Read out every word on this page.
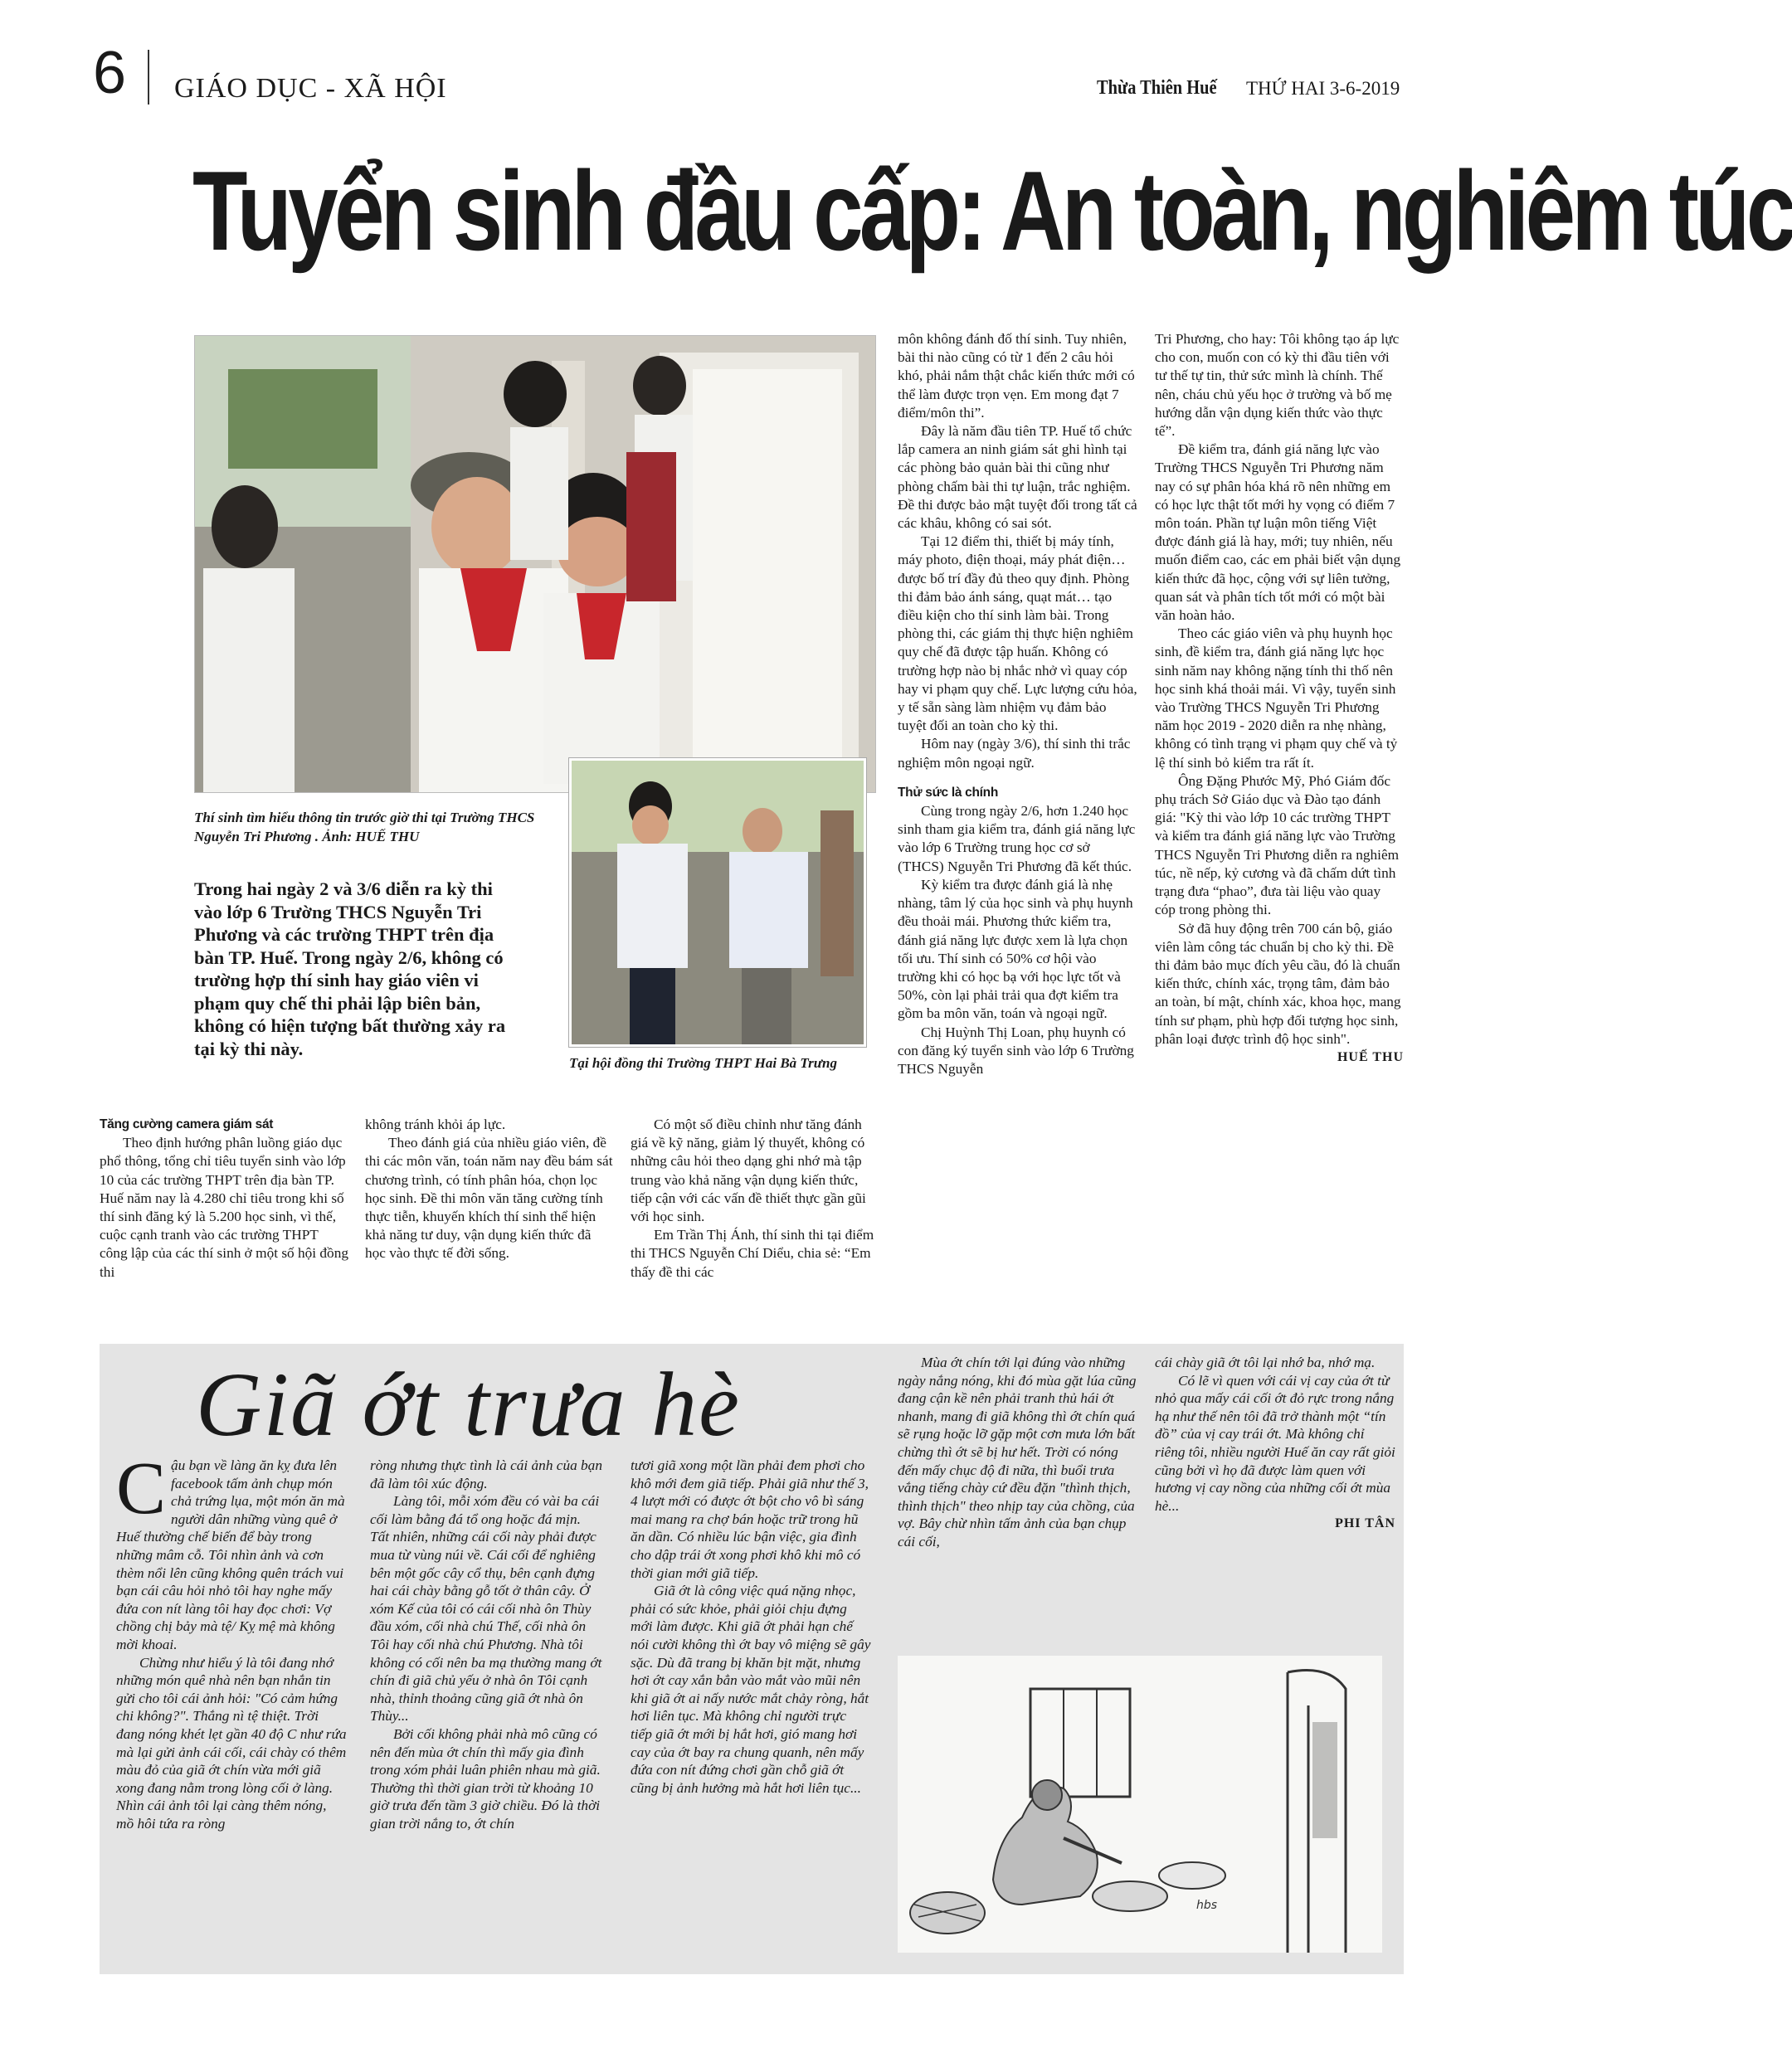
6 GIÁO DỤC - XÃ HỘI	Thừa Thiên Huế THỨ HAI 3-6-2019
Tuyển sinh đầu cấp: An toàn, nghiêm túc
Thí sinh tìm hiểu thông tin trước giờ thi tại Trường THCS Nguyễn Tri Phương . Ảnh: HUẾ THU
Tại hội đồng thi Trường THPT Hai Bà Trưng
Trong hai ngày 2 và 3/6 diễn ra kỳ thi vào lớp 6 Trường THCS Nguyễn Tri Phương và các trường THPT trên địa bàn TP. Huế. Trong ngày 2/6, không có trường hợp thí sinh hay giáo viên vi phạm quy chế thi phải lập biên bản, không có hiện tượng bất thường xảy ra tại kỳ thi này.

Tăng cường camera giám sát

Theo định hướng phân luồng giáo dục phổ thông, tổng chỉ tiêu tuyển sinh vào lớp 10 của các trường THPT trên địa bàn TP. Huế năm nay là 4.280 chỉ tiêu trong khi số thí sinh đăng ký là 5.200 học sinh, vì thế, cuộc cạnh tranh vào các trường THPT công lập của các thí sinh ở một số hội đồng thi

không tránh khỏi áp lực.

Theo đánh giá của nhiều giáo viên, đề thi các môn văn, toán năm nay đều bám sát chương trình, có tính phân hóa, chọn lọc học sinh. Đề thi môn văn tăng cường tính thực tiễn, khuyến khích thí sinh thể hiện khả năng tư duy, vận dụng kiến thức đã học vào thực tế đời sống.

Có một số điều chỉnh như tăng đánh giá về kỹ năng, giảm lý thuyết, không có những câu hỏi theo dạng ghi nhớ mà tập trung vào khả năng vận dụng kiến thức, tiếp cận với các vấn đề thiết thực gần gũi với học sinh.

Em Trần Thị Ánh, thí sinh thi tại điểm thi THCS Nguyễn Chí Diểu, chia sẻ: “Em thấy đề thi các

môn không đánh đố thí sinh. Tuy nhiên, bài thi nào cũng có từ 1 đến 2 câu hỏi khó, phải nắm thật chắc kiến thức mới có thể làm được trọn vẹn. Em mong đạt 7 điểm/môn thi”.

Đây là năm đầu tiên TP. Huế tổ chức lắp camera an ninh giám sát ghi hình tại các phòng bảo quản bài thi cũng như phòng chấm bài thi tự luận, trắc nghiệm. Đề thi được bảo mật tuyệt đối trong tất cả các khâu, không có sai sót.

Tại 12 điểm thi, thiết bị máy tính, máy photo, điện thoại, máy phát điện… được bố trí đầy đủ theo quy định. Phòng thi đảm bảo ánh sáng, quạt mát… tạo điều kiện cho thí sinh làm bài. Trong phòng thi, các giám thị thực hiện nghiêm quy chế đã được tập huấn. Không có trường hợp nào bị nhắc nhở vì quay cóp hay vi phạm quy chế. Lực lượng cứu hỏa, y tế sẵn sàng làm nhiệm vụ đảm bảo tuyệt đối an toàn cho kỳ thi.

Hôm nay (ngày 3/6), thí sinh thi trắc nghiệm môn ngoại ngữ.

Thử sức là chính

Cùng trong ngày 2/6, hơn 1.240 học sinh tham gia kiểm tra, đánh giá năng lực vào lớp 6 Trường trung học cơ sở (THCS) Nguyễn Tri Phương đã kết thúc.

Kỳ kiểm tra được đánh giá là nhẹ nhàng, tâm lý của học sinh và phụ huynh đều thoải mái. Phương thức kiểm tra, đánh giá năng lực được xem là lựa chọn tối ưu. Thí sinh có 50% cơ hội vào trường khi có học bạ với học lực tốt và 50%, còn lại phải trải qua đợt kiểm tra gồm ba môn văn, toán và ngoại ngữ.

Chị Huỳnh Thị Loan, phụ huynh có con đăng ký tuyển sinh vào lớp 6 Trường THCS Nguyễn

Tri Phương, cho hay: Tôi không tạo áp lực cho con, muốn con có kỳ thi đầu tiên với tư thế tự tin, thử sức mình là chính. Thế nên, cháu chủ yếu học ở trường và bố mẹ hướng dẫn vận dụng kiến thức vào thực tế”.

Đề kiểm tra, đánh giá năng lực vào Trường THCS Nguyễn Tri Phương năm nay có sự phân hóa khá rõ nên những em có học lực thật tốt mới hy vọng có điểm 7 môn toán. Phần tự luận môn tiếng Việt được đánh giá là hay, mới; tuy nhiên, nếu muốn điểm cao, các em phải biết vận dụng kiến thức đã học, cộng với sự liên tưởng, quan sát và phân tích tốt mới có một bài văn hoàn hảo.

Theo các giáo viên và phụ huynh học sinh, đề kiểm tra, đánh giá năng lực học sinh năm nay không nặng tính thi thố nên học sinh khá thoải mái. Vì vậy, tuyển sinh vào Trường THCS Nguyễn Tri Phương năm học 2019 - 2020 diễn ra nhẹ nhàng, không có tình trạng vi phạm quy chế và tỷ lệ thí sinh bỏ kiểm tra rất ít.

Ông Đặng Phước Mỹ, Phó Giám đốc phụ trách Sở Giáo dục và Đào tạo đánh giá: "Kỳ thi vào lớp 10 các trường THPT và kiểm tra đánh giá năng lực vào Trường THCS Nguyễn Tri Phương diễn ra nghiêm túc, nề nếp, kỷ cương và đã chấm dứt tình trạng đưa “phao”, đưa tài liệu vào quay cóp trong phòng thi.

Sở đã huy động trên 700 cán bộ, giáo viên làm công tác chuẩn bị cho kỳ thi. Đề thi đảm bảo mục đích yêu cầu, đó là chuẩn kiến thức, chính xác, trọng tâm, đảm bảo an toàn, bí mật, chính xác, khoa học, mang tính sư phạm, phù hợp đối tượng học sinh, phân loại được trình độ học sinh".

HUẾ THU
Giã ớt trưa hè

Cậu bạn về làng ăn kỵ đưa lên facebook tấm ảnh chụp món chả trứng lụa, một món ăn mà người dân những vùng quê ở Huế thường chế biến để bày trong những mâm cỗ. Tôi nhìn ảnh và cơn thèm nổi lên cũng không quên trách vui bạn cái câu hỏi nhỏ tôi hay nghe mấy đứa con nít làng tôi hay đọc chơi: Vợ chồng chị bảy mà tệ/ Kỵ mệ mà không mời khoai.

Chừng như hiểu ý là tôi đang nhớ những món quê nhà nên bạn nhắn tin gửi cho tôi cái ảnh hỏi: "Có cảm hứng chi không?". Thắng nì tệ thiệt. Trời đang nóng khét lẹt gần 40 độ C như rứa mà lại gửi ảnh cái cối, cái chày có thêm màu đỏ của giã ớt chín vừa mới giã xong đang nằm trong lòng cối ở làng. Nhìn cái ảnh tôi lại càng thêm nóng, mồ hôi tứa ra ròng

ròng nhưng thực tình là cái ảnh của bạn đã làm tôi xúc động.

Làng tôi, mỗi xóm đều có vài ba cái cối làm bằng đá tổ ong hoặc đá mịn. Tất nhiên, những cái cối này phải được mua từ vùng núi về. Cái cối để nghiêng bên một gốc cây cổ thụ, bên cạnh đựng hai cái chày bằng gỗ tốt ở thân cây. Ở xóm Kế của tôi có cái cối nhà ôn Thùy đầu xóm, cối nhà chú Thế, cối nhà ôn Tôi hay cối nhà chú Phương. Nhà tôi không có cối nên ba mạ thường mang ớt chín đi giã chủ yếu ở nhà ôn Tôi cạnh nhà, thỉnh thoảng cũng giã ớt nhà ôn Thùy...

Bởi cối không phải nhà mô cũng có nên đến mùa ớt chín thì mấy gia đình trong xóm phải luân phiên nhau mà giã. Thường thì thời gian trời từ khoảng 10 giờ trưa đến tầm 3 giờ chiều. Đó là thời gian trời nắng to, ớt chín

tươi giã xong một lần phải đem phơi cho khô mới đem giã tiếp. Phải giã như thế 3, 4 lượt mới có được ớt bột cho vô bì sáng mai mang ra chợ bán hoặc trữ trong hũ ăn dần. Có nhiều lúc bận việc, gia đình cho dập trái ớt xong phơi khô khi mô có thời gian mới giã tiếp.

Giã ớt là công việc quá nặng nhọc, phải có sức khỏe, phải giỏi chịu đựng mới làm được. Khi giã ớt phải hạn chế nói cười không thì ớt bay vô miệng sẽ gây sặc. Dù đã trang bị khăn bịt mặt, nhưng hơi ớt cay xắn bẳn vào mắt vào mũi nên khi giã ớt ai nấy nước mắt chảy ròng, hắt hơi liên tục. Mà không chỉ người trực tiếp giã ớt mới bị hắt hơi, gió mang hơi cay của ớt bay ra chung quanh, nên mấy đứa con nít đứng chơi gần chỗ giã ớt cũng bị ảnh hưởng mà hắt hơi liên tục...

Mùa ớt chín tới lại đúng vào những ngày nắng nóng, khi đó mùa gặt lúa cũng đang cận kề nên phải tranh thủ hái ớt nhanh, mang đi giã không thì ớt chín quá sẽ rụng hoặc lỡ gặp một cơn mưa lớn bất chừng thì ớt sẽ bị hư hết. Trời có nóng đến mấy chục độ đi nữa, thì buổi trưa vắng tiếng chày cứ đều đặn "thình thịch, thình thịch" theo nhịp tay của chồng, của vợ. Bây chừ nhìn tấm ảnh của bạn chụp cái cối,

cái chày giã ớt tôi lại nhớ ba, nhớ mạ.

Có lẽ vì quen với cái vị cay của ớt từ nhỏ qua mấy cái cối ớt đỏ rực trong nắng hạ như thế nên tôi đã trở thành một “tín đồ” của vị cay trái ớt. Mà không chỉ riêng tôi, nhiều người Huế ăn cay rất giỏi cũng bởi vì họ đã được làm quen với hương vị cay nồng của những cối ớt mùa hè...

PHI TÂN
hbs
